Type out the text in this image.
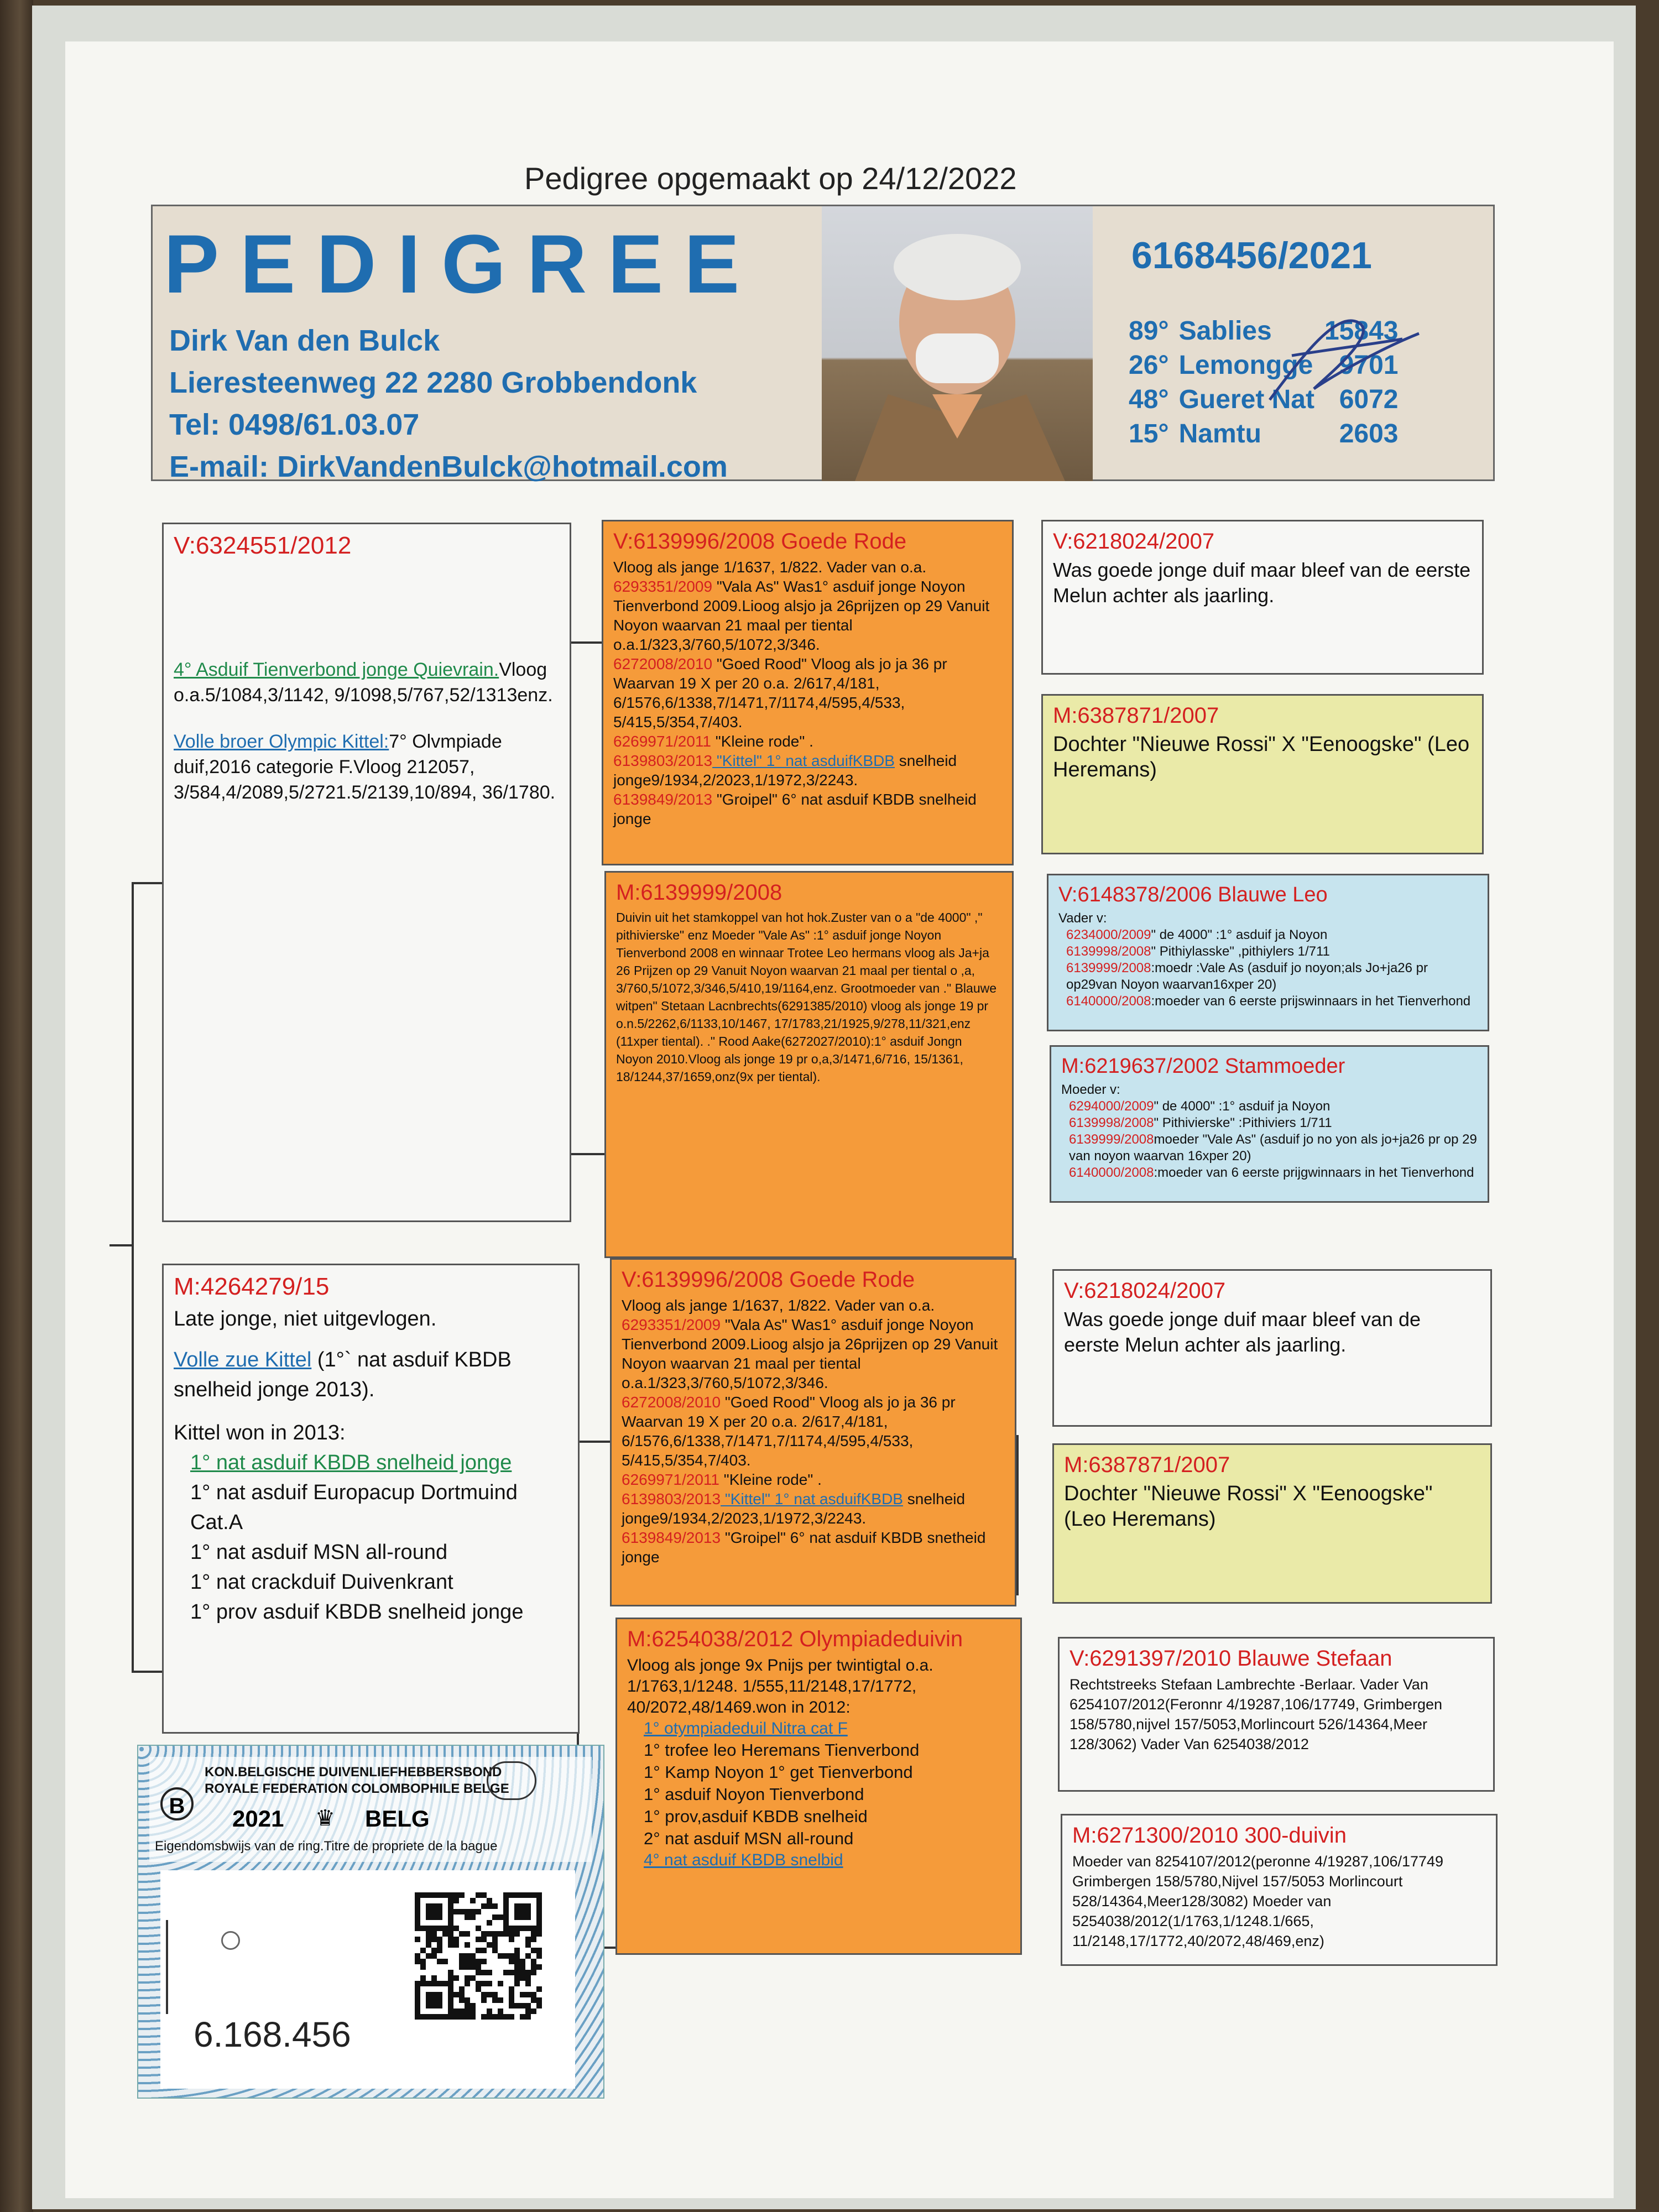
Pedigree opgemaakt op 24/12/2022
PEDIGREE
Dirk Van den Bulck
Lieresteenweg 22 2280 Grobbendonk
Tel: 0498/61.03.07
E-mail: DirkVandenBulck@hotmail.com
6168456/2021
89°	Sablies	15843
26°	Lemongge	9701
48°	Gueret Nat	6072
15°	Namtu	2603
V:6324551/2012

4° Asduif Tienverbond jonge Quievrain.Vloog o.a.5/1084,3/1142, 9/1098,5/767,52/1313enz.

Volle broer Olympic Kittel:7° Olvmpiade duif,2016 categorie F.Vloog 212057, 3/584,4/2089,5/2721.5/2139,10/894, 36/1780.

M:4264279/15

Late jonge, niet uitgevlogen.

Volle zue Kittel (1°` nat asduif KBDB snelheid jonge 2013).

Kittel won in 2013:

1° nat asduif KBDB snelheid jonge

1° nat asduif Europacup Dortmuind Cat.A

1° nat asduif MSN all-round

1° nat crackduif Duivenkrant

1° prov asduif KBDB snelheid jonge

V:6139996/2008 Goede Rode

Vloog als jange 1/1637, 1/822. Vader van o.a.
6293351/2009 "Vala As" Was1° asduif jonge Noyon Tienverbond 2009.Lioog alsjo ja 26prijzen op 29 Vanuit Noyon waarvan 21 maal per tiental o.a.1/323,3/760,5/1072,3/346.
6272008/2010 "Goed Rood" Vloog als jo ja 36 pr Waarvan 19 X per 20 o.a. 2/617,4/181, 6/1576,6/1338,7/1471,7/1174,4/595,4/533, 5/415,5/354,7/403.
6269971/2011 "Kleine rode" .
6139803/2013 "Kittel" 1° nat asduifKBDB snelheid jonge9/1934,2/2023,1/1972,3/2243.
6139849/2013 "Groipel" 6° nat asduif KBDB snelheid jonge

M:6139999/2008

Duivin uit het stamkoppel van hot hok.Zuster van o a "de 4000" ," pithivierske" enz Moeder "Vale As" :1° asduif jonge Noyon Tienverbond 2008 en winnaar Trotee Leo hermans vloog als Ja+ja 26 Prijzen op 29 Vanuit Noyon waarvan 21 maal per tiental o ,a, 3/760,5/1072,3/346,5/410,19/1164,enz. Grootmoeder van ." Blauwe witpen" Stetaan Lacnbrechts(6291385/2010) vloog als jonge 19 pr o.n.5/2262,6/1133,10/1467, 17/1783,21/1925,9/278,11/321,enz (11xper tiental). ." Rood Aake(6272027/2010):1° asduif Jongn Noyon 2010.Vloog als jonge 19 pr o,a,3/1471,6/716, 15/1361, 18/1244,37/1659,onz(9x per tiental).

V:6218024/2007

Was goede jonge duif maar bleef van de eerste Melun achter als jaarling.

M:6387871/2007

Dochter "Nieuwe Rossi" X "Eenoogske" (Leo Heremans)

V:6148378/2006 Blauwe Leo

Vader v:

6234000/2009" de 4000" :1° asduif ja Noyon

6139998/2008" Pithiylasske" ,pithiylers 1/711

6139999/2008:moedr :Vale As (asduif jo noyon;als Jo+ja26 pr op29van Noyon waarvan16xper 20)

6140000/2008:moeder van 6 eerste prijswinnaars in het Tienverhond

M:6219637/2002 Stammoeder

Moeder v:

6294000/2009" de 4000" :1° asduif ja Noyon

6139998/2008" Pithivierske" :Pithiviers 1/711

6139999/2008moeder "Vale As" (asduif jo no yon als jo+ja26 pr op 29 van noyon waarvan 16xper 20)

6140000/2008:moeder van 6 eerste prijgwinnaars in het Tienverhond

V:6139996/2008 Goede Rode

Vloog als jange 1/1637, 1/822. Vader van o.a.
6293351/2009 "Vala As" Was1° asduif jonge Noyon Tienverbond 2009.Lioog alsjo ja 26prijzen op 29 Vanuit Noyon waarvan 21 maal per tiental o.a.1/323,3/760,5/1072,3/346.
6272008/2010 "Goed Rood" Vloog als jo ja 36 pr Waarvan 19 X per 20 o.a. 2/617,4/181, 6/1576,6/1338,7/1471,7/1174,4/595,4/533, 5/415,5/354,7/403.
6269971/2011 "Kleine rode" .
6139803/2013 "Kittel" 1° nat asduifKBDB snelheid jonge9/1934,2/2023,1/1972,3/2243.
6139849/2013 "Groipel" 6° nat asduif KBDB snetheid jonge

M:6254038/2012 Olympiadeduivin

Vloog als jonge 9x Pnijs per twintigtal o.a. 1/1763,1/1248. 1/555,11/2148,17/1772, 40/2072,48/1469.won in 2012:

1° otympiadeduil Nitra cat F

1° trofee leo Heremans Tienverbond

1° Kamp Noyon 1° get Tienverbond

1° asduif Noyon Tienverbond

1° prov,asduif KBDB snelheid

2° nat asduif MSN all-round

4° nat asduif KBDB snelbid

V:6218024/2007

Was goede jonge duif maar bleef van de eerste Melun achter als jaarling.

M:6387871/2007

Dochter "Nieuwe Rossi" X "Eenoogske" (Leo Heremans)

V:6291397/2010 Blauwe Stefaan

Rechtstreeks Stefaan Lambrechte -Berlaar. Vader Van 6254107/2012(Feronnr 4/19287,106/17749, Grimbergen 158/5780,nijvel 157/5053,Morlincourt 526/14364,Meer 128/3062) Vader Van 6254038/2012

M:6271300/2010 300-duivin

Moeder van 8254107/2012(peronne 4/19287,106/17749 Grimbergen 158/5780,Nijvel 157/5053 Morlincourt 528/14364,Meer128/3082) Moeder van 5254038/2012(1/1763,1/1248.1/665, 11/2148,17/1772,40/2072,48/469,enz)

B
KON.BELGISCHE DUIVENLIEFHEBBERSBOND
ROYALE FEDERATION COLOMBOPHILE BELGE
2021 ♛ BELG
Eigendomsbwijs van de ring.Titre de propriete de la bague
6.168.456
